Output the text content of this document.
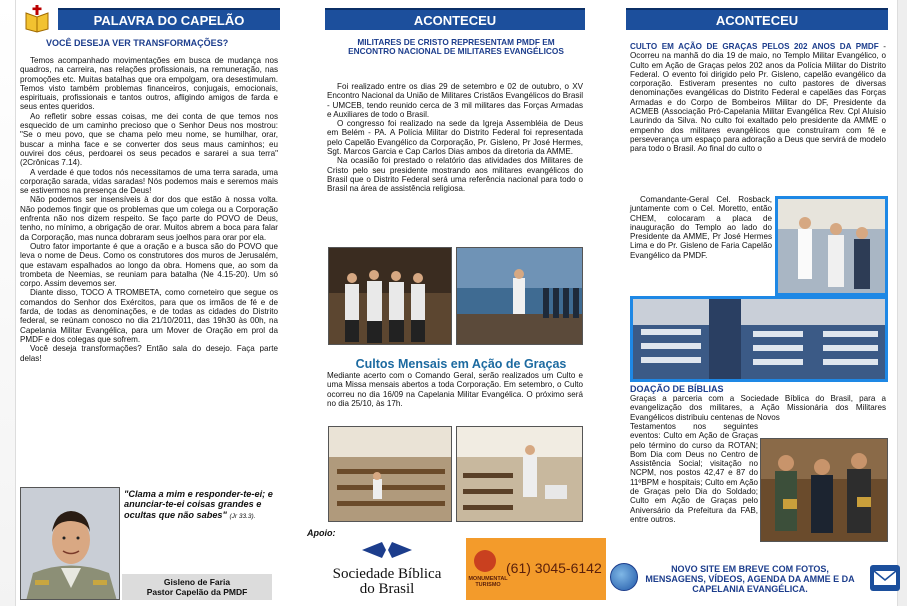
PALAVRA DO CAPELÃO
VOCÊ DESEJA VER TRANSFORMAÇÕES?

Temos acompanhado movimentações em busca de mudança nos quadros, na carreira, nas relações profissionais, na remuneração, nas promoções etc. Muitas batalhas que ora empolgam, ora desestimulam. Temos visto também problemas financeiros, conjugais, emocionais, espirituais, profissionais e tantos outros, afligindo amigos de farda e seus entes queridos.

Ao refletir sobre essas coisas, me dei conta de que temos nos esquecido de um caminho precioso que o Senhor Deus nos mostrou: "Se o meu povo, que se chama pelo meu nome, se humilhar, orar, buscar a minha face e se converter dos seus maus caminhos; eu ouvirei dos céus, perdoarei os seus pecados e sararei a sua terra" (2Crônicas 7.14).

A verdade é que todos nós necessitamos de uma terra sarada, uma corporação sarada, vidas saradas! Nós podemos mais e seremos mais se estivermos na presença de Deus!

Não podemos ser insensíveis à dor dos que estão à nossa volta. Não podemos fingir que os problemas que um colega ou a Corporação enfrenta não nos dizem respeito. Se faço parte do POVO de Deus, tenho, no mínimo, a obrigação de orar. Muitos abrem a boca para falar da Corporação, mas nunca dobraram seus joelhos para orar por ela.

Outro fator importante é que a oração e a busca são do POVO que leva o nome de Deus. Como os construtores dos muros de Jerusalém, que estavam espalhados ao longo da obra. Homens que, ao som da trombeta de Neemias, se reuniam para batalha (Ne 4.15-20). Um só corpo. Assim devemos ser.

Diante disso, TOCO A TROMBETA, como corneteiro que segue os comandos do Senhor dos Exércitos, para que os irmãos de fé e de farda, de todas as denominações, e de todas as cidades do Distrito federal, se reúnam conosco no dia 21/10/2011, das 19h30 às 00h, na Capelania Militar Evangélica, para um Mover de Oração em prol da PMDF e dos colegas que sofrem.

Você deseja transformações? Então sala do desejo. Faça parte delas!

"Clama a mim e responder-te-ei; e anunciar-te-ei coisas grandes e ocultas que não sabes" (Jr 33.3).
Gisleno de Faria
Pastor Capelão da PMDF
ACONTECEU
MILITARES DE CRISTO REPRESENTAM PMDF EM ENCONTRO NACIONAL DE MILITARES EVANGÉLICOS

Foi realizado entre os dias 29 de setembro e 02 de outubro, o XV Encontro Nacional da União de Militares Cristãos Evangélicos do Brasil - UMCEB, tendo reunido cerca de 3 mil militares das Forças Armadas e Auxiliares de todo o Brasil.

O congresso foi realizado na sede da Igreja Assembléia de Deus em Belém - PA. A Polícia Militar do Distrito Federal foi representada pelo Capelão Evangélico da Corporação, Pr. Gisleno, Pr José Hermes, Sgt. Marcos Garcia e Cap Carlos Dias ambos da diretoria da AMME.

Na ocasião foi prestado o relatório das atividades dos Militares de Cristo pelo seu presidente mostrando aos militares evangélicos do Brasil que o Distrito Federal será uma referência nacional para todo o Brasil na área de assistência religiosa.

Cultos Mensais em Ação de Graças
Mediante acerto com o Comando Geral, serão realizados um Culto e uma Missa mensais abertos a toda Corporação. Em setembro, o Culto ocorreu no dia 16/09 na Capelania Militar Evangélica. O próximo será no dia 25/10, às 17h.
Apoio:
Sociedade Bíblica
do Brasil
MONUMENTAL
TURISMO
(61) 3045-6142
ACONTECEU
CULTO EM AÇÃO DE GRAÇAS PELOS 202 ANOS DA PMDF - Ocorreu na manhã do dia 19 de maio, no Templo Militar Evangélico, o Culto em Ação de Graças pelos 202 anos da Polícia Militar do Distrito Federal. O evento foi dirigido pelo Pr. Gisleno, capelão evangélico da corporação. Estiveram presentes no culto pastores de diversas denominações evangélicas do Distrito Federal e capelães das Forças Armadas e do Corpo de Bombeiros Militar do DF, Presidente da ACMEB (Associação Pró-Capelania Militar Evangélica Rev. Cpl Aluisio Laurindo da Silva. No culto foi exaltado pelo presidente da AMME o empenho dos militares evangélicos que construíram com fé e perseverança um espaço para adoração a Deus que servirá de modelo para todo o Brasil. Ao final do culto o
Comandante-Geral Cel. Rosback, juntamente com o Cel. Moretto, então CHEM, colocaram a placa de inauguração do Templo ao lado do Presidente da AMME, Pr José Hermes Lima e do Pr. Gisleno de Faria Capelão Evangélico da PMDF.
DOAÇÃO DE BÍBLIAS
Graças a parceria com a Sociedade Bíblica do Brasil, para a evangelização dos militares, a Ação Missionária dos Militares Evangélicos distribuiu centenas de Novos
Testamentos nos seguintes eventos: Culto em Ação de Graças pelo término do curso da ROTAN; Bom Dia com Deus no Centro de Assistência Social; visitação no NCPM, nos postos 42,47 e 87 do 11ºBPM e hospitais; Culto em Ação de Graças pelo Dia do Soldado; Culto em Ação de Graças pelo Aniversário da Prefeitura da FAB, entre outros.
NOVO SITE EM BREVE COM FOTOS, MENSAGENS, VÍDEOS, AGENDA DA AMME E DA CAPELANIA EVANGÉLICA.
